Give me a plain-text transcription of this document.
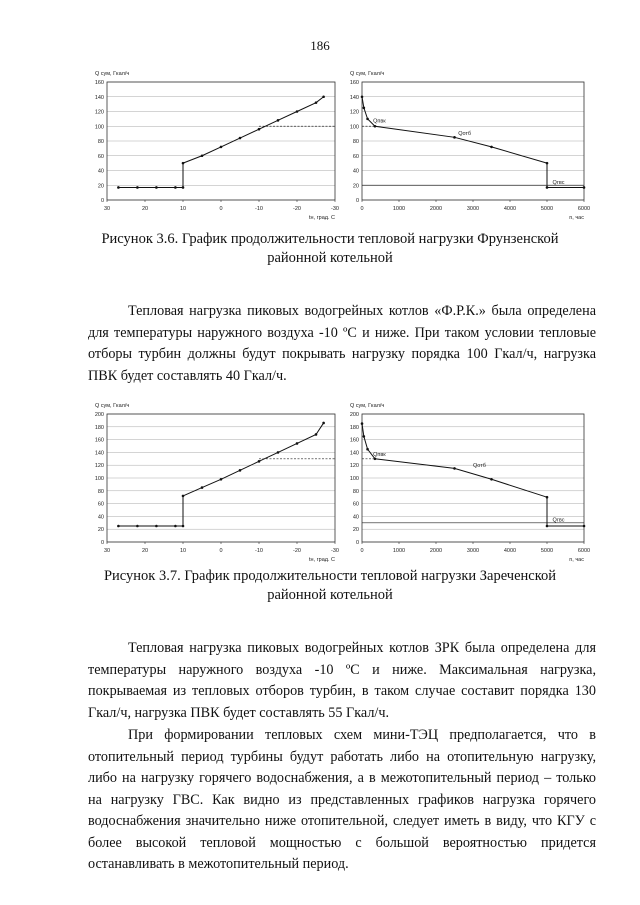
186
Q сум, Гкал/ч
0
20
40
60
80
100
120
140
160
30	20	10	0	-10	-20	-30
tн, град. С
Q сум, Гкал/ч
0
20
40
60
80
100
120
140
160
0	1000	2000	3000	4000	5000	6000
n, час
Qпвк
Qотб
Qгвс
Рисунок 3.6. График продолжительности тепловой нагрузки Фрунзенской районной котельной

Тепловая нагрузка пиковых водогрейных котлов «Ф.Р.К.» была определена для температуры наружного воздуха -10 ºС и ниже. При таком условии тепловые отборы турбин должны будут покрывать нагрузку порядка 100 Гкал/ч, нагрузка ПВК будет составлять 40 Гкал/ч.

Q сум, Гкал/ч
0
20
40
60
80
100
120
140
160
180
200
30	20	10	0	-10	-20	-30
tн, град. С
Q сум, Гкал/ч
0
20
40
60
80
100
120
140
160
180
200
0	1000	2000	3000	4000	5000	6000
n, час
Qпвк
Qотб
Qгвс
Рисунок 3.7. График продолжительности тепловой нагрузки Зареченской районной котельной

Тепловая нагрузка пиковых водогрейных котлов ЗРК была определена для температуры наружного воздуха -10 ºС и ниже. Максимальная нагрузка, покрываемая из тепловых отборов турбин, в таком случае составит порядка 130 Гкал/ч, нагрузка ПВК будет составлять 55 Гкал/ч.

При формировании тепловых схем мини-ТЭЦ предполагается, что в отопительный период турбины будут работать либо на отопительную нагрузку, либо на нагрузку горячего водоснабжения, а в межотопительный период – только на нагрузку ГВС. Как видно из представленных графиков нагрузка горячего водоснабжения значительно ниже отопительной, следует иметь в виду, что КГУ с более высокой тепловой мощностью с большой вероятностью придется останавливать в межотопительный период.
